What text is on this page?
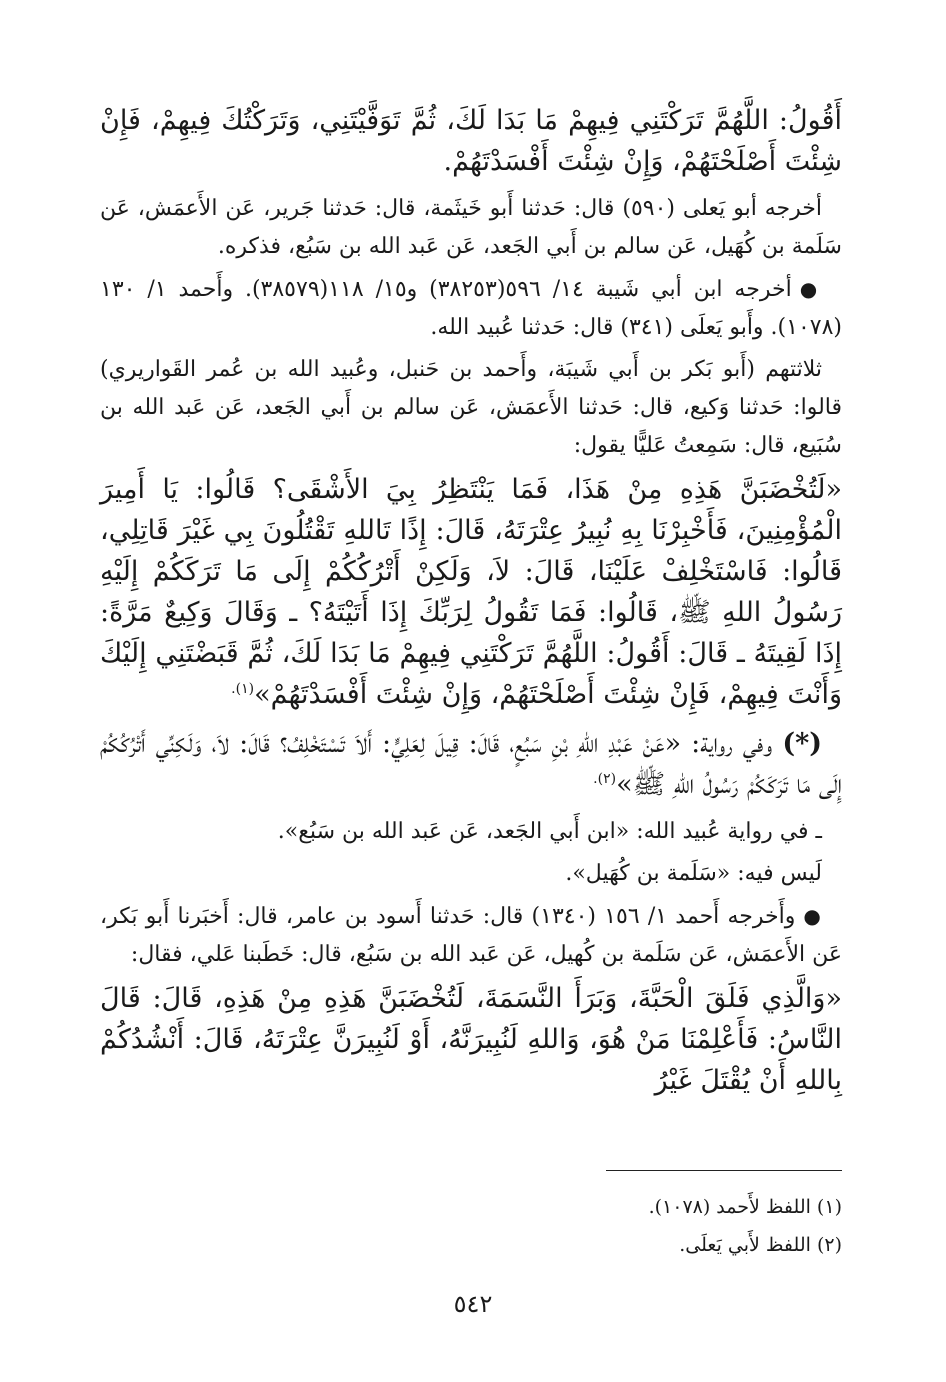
أَقُولُ: اللَّهُمَّ تَرَكْتَنِي فِيهِمْ مَا بَدَا لَكَ، ثُمَّ تَوَفَّيْتَنِي، وَتَرَكْتُكَ فِيهِمْ، فَإِنْ شِئْتَ أَصْلَحْتَهُمْ، وَإِنْ شِئْتَ أَفْسَدْتَهُمْ.

أخرجه أبو يَعلى (٥٩٠) قال: حَدثنا أَبو خَيثَمة، قال: حَدثنا جَرير، عَن الأَعمَش، عَن سَلَمة بن كُهَيل، عَن سالم بن أَبي الجَعد، عَن عَبد الله بن سَبُع، فذكره.

●أخرجه ابن أبي شَيبة ١٤/ ٥٩٦(٣٨٢٥٣) و١٥/ ١١٨(٣٨٥٧٩). وأَحمد ١/ ١٣٠ (١٠٧٨). وأَبو يَعلَى (٣٤١) قال: حَدثنا عُبيد الله.

ثلاثتهم (أَبو بَكر بن أَبي شَيبَة، وأَحمد بن حَنبل، وعُبيد الله بن عُمر القَواريري) قالوا: حَدثنا وَكيع، قال: حَدثنا الأَعمَش، عَن سالم بن أَبي الجَعد، عَن عَبد الله بن سُبَيع، قال: سَمِعتُ عَليًّا يقول:

«لَتُخْضَبَنَّ هَذِهِ مِنْ هَذَا، فَمَا يَنْتَظِرُ بِيَ الأَشْقَى؟ قَالُوا: يَا أَمِيرَ الْمُؤْمِنِينَ، فَأَخْبِرْنَا بِهِ نُبِيرُ عِتْرَتَهُ، قَالَ: إِذًا تَاللهِ تَقْتُلُونَ بِي غَيْرَ قَاتِلِي، قَالُوا: فَاسْتَخْلِفْ عَلَيْنَا، قَالَ: لاَ، وَلَكِنْ أَتْرُكُكُمْ إِلَى مَا تَرَكَكُمْ إِلَيْهِ رَسُولُ اللهِ ﷺ، قَالُوا: فَمَا تَقُولُ لِرَبِّكَ إِذَا أَتَيْتَهُ؟ ـ وَقَالَ وَكِيعٌ مَرَّةً: إِذَا لَقِيتَهُ ـ قَالَ: أَقُولُ: اللَّهُمَّ تَرَكْتَنِي فِيهِمْ مَا بَدَا لَكَ، ثُمَّ قَبَضْتَنِي إِلَيْكَ وَأَنْتَ فِيهِمْ، فَإِنْ شِئْتَ أَصْلَحْتَهُمْ، وَإِنْ شِئْتَ أَفْسَدْتَهُمْ»$^{(١).}$

(*) وفي رواية: «عَنْ عَبْدِ اللهِ بْنِ سَبُعٍ، قَالَ: قِيلَ لِعَلِيٍّ: أَلاَ تَسْتَخْلِفُ؟ قَالَ: لاَ، وَلَكِنِّي أَتْرُكُكُمْ إِلَى مَا تَرَكَكُمْ رَسُولُ اللهِ ﷺ»$^{(٢).}$

ـ في رواية عُبيد الله: «ابن أَبي الجَعد، عَن عَبد الله بن سَبُع».

لَيس فيه: «سَلَمة بن كُهَيل».

●وأَخرجه أَحمد ١/ ١٥٦ (١٣٤٠) قال: حَدثنا أَسود بن عامر، قال: أَخبَرنا أَبو بَكر، عَن الأَعمَش، عَن سَلَمة بن كُهيل، عَن عَبد الله بن سَبُع، قال: خَطَبنا عَلي، فقال:

«وَالَّذِي فَلَقَ الْحَبَّةَ، وَبَرَأَ النَّسَمَةَ، لَتُخْضَبَنَّ هَذِهِ مِنْ هَذِهِ، قَالَ: قَالَ النَّاسُ: فَأَعْلِمْنَا مَنْ هُوَ، وَاللهِ لَنُبِيرَنَّهُ، أَوْ لَنُبِيرَنَّ عِتْرَتَهُ، قَالَ: أَنْشُدُكُمْ بِاللهِ أَنْ يُقْتَلَ غَيْرُ

(١) اللفظ لأَحمد (١٠٧٨).
(٢) اللفظ لأَبي يَعلَى.
٥٤٢
